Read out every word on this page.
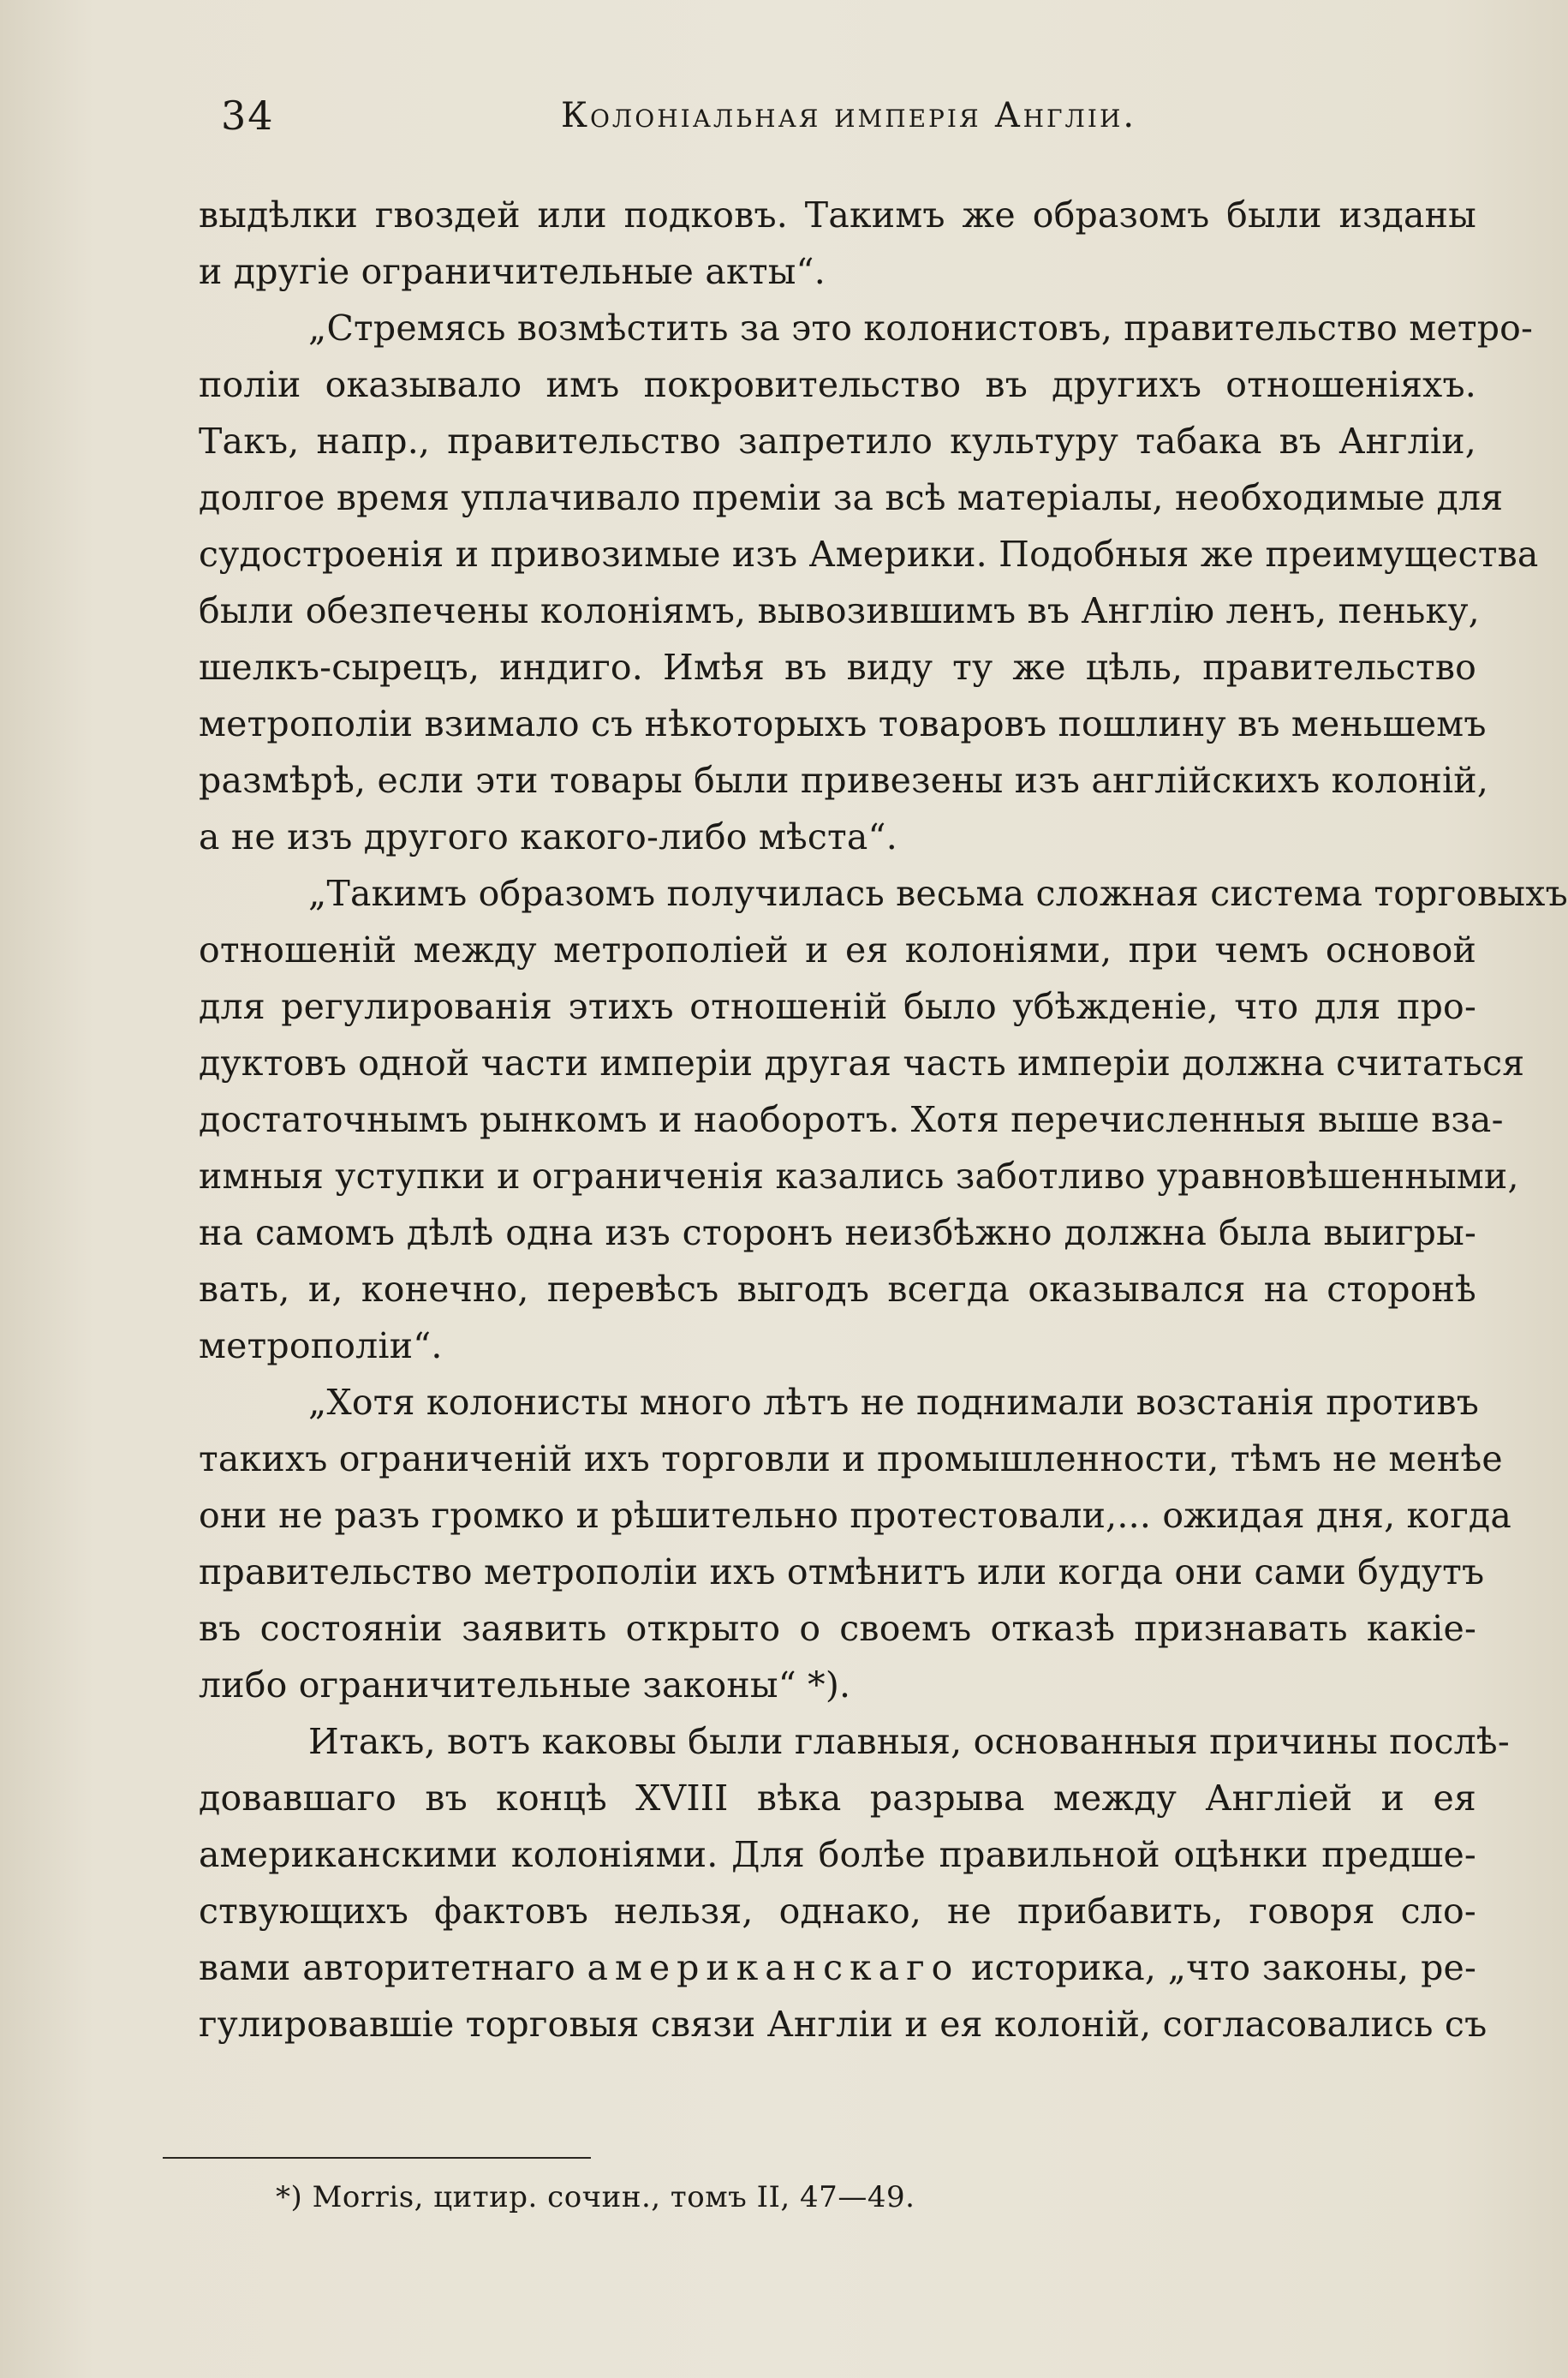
34	Колоніальная имперія Англіи.
выдѣлки гвоздей или подковъ. Такимъ же образомъ были изданы
и другіе ограничительные акты“.
„Стремясь возмѣстить за это колонистовъ, правительство метро-
поліи оказывало имъ покровительство въ другихъ отношеніяхъ.
Такъ, напр., правительство запретило культуру табака въ Англіи,
долгое время уплачивало преміи за всѣ матеріалы, необходимые для
судостроенія и привозимые изъ Америки. Подобныя же преимущества
были обезпечены колоніямъ, вывозившимъ въ Англію ленъ, пеньку,
шелкъ-сырецъ, индиго. Имѣя въ виду ту же цѣль, правительство
метрополіи взимало съ нѣкоторыхъ товаровъ пошлину въ меньшемъ
размѣрѣ, если эти товары были привезены изъ англійскихъ колоній,
а не изъ другого какого-либо мѣста“.
„Такимъ образомъ получилась весьма сложная система торговыхъ
отношеній между метрополіей и ея колоніями, при чемъ основой
для регулированія этихъ отношеній было убѣжденіе, что для про-
дуктовъ одной части имперіи другая часть имперіи должна считаться
достаточнымъ рынкомъ и наоборотъ. Хотя перечисленныя выше вза-
имныя уступки и ограниченія казались заботливо уравновѣшенными,
на самомъ дѣлѣ одна изъ сторонъ неизбѣжно должна была выигры-
вать, и, конечно, перевѣсъ выгодъ всегда оказывался на сторонѣ
метрополіи“.
„Хотя колонисты много лѣтъ не поднимали возстанія противъ
такихъ ограниченій ихъ торговли и промышленности, тѣмъ не менѣе
они не разъ громко и рѣшительно протестовали,... ожидая дня, когда
правительство метрополіи ихъ отмѣнитъ или когда они сами будутъ
въ состояніи заявить открыто о своемъ отказѣ признавать какіе-
либо ограничительные законы“ *).
Итакъ, вотъ каковы были главныя, основанныя причины послѣ-
довавшаго въ концѣ XVIII вѣка разрыва между Англіей и ея
американскими колоніями. Для болѣе правильной оцѣнки предше-
ствующихъ фактовъ нельзя, однако, не прибавить, говоря сло-
вами авторитетнаго американскаго историка, „что законы, ре-
гулировавшіе торговыя связи Англіи и ея колоній, согласовались съ
*) Morris, цитир. сочин., томъ II, 47—49.
